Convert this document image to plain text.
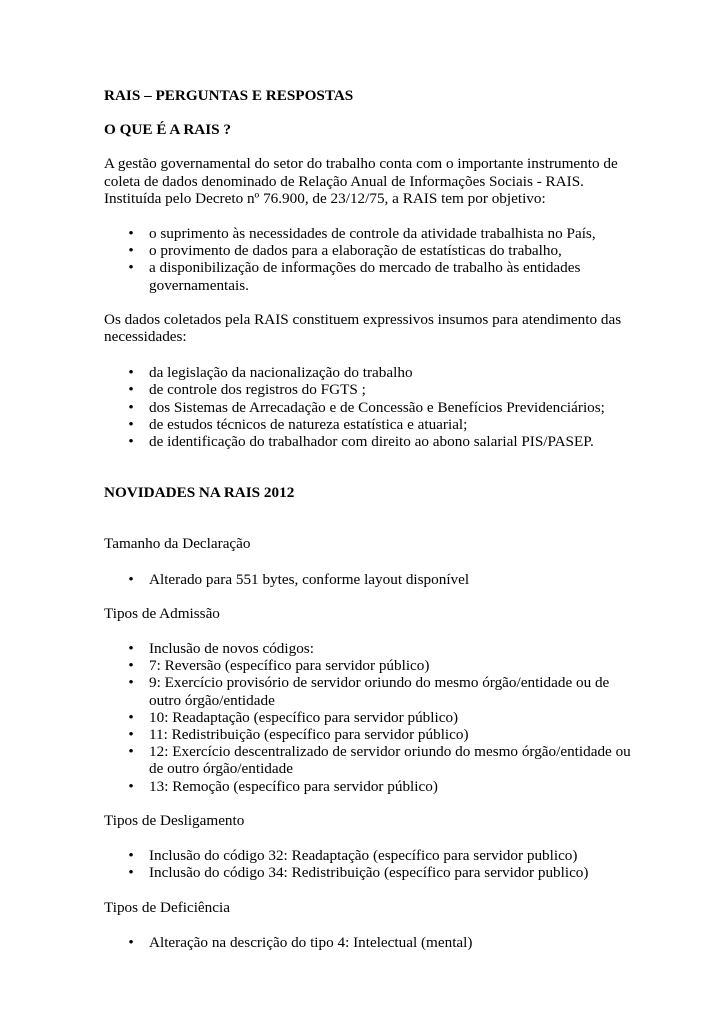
RAIS – PERGUNTAS E RESPOSTAS

O QUE É A RAIS ?

A gestão governamental do setor do trabalho conta com o importante instrumento de coleta de dados denominado de Relação Anual de Informações Sociais - RAIS. Instituída pelo Decreto nº 76.900, de 23/12/75, a RAIS tem por objetivo:

• o suprimento às necessidades de controle da atividade trabalhista no País,
• o provimento de dados para a elaboração de estatísticas do trabalho,
• a disponibilização de informações do mercado de trabalho às entidades governamentais.

Os dados coletados pela RAIS constituem expressivos insumos para atendimento das necessidades:

• da legislação da nacionalização do trabalho
• de controle dos registros do FGTS ;
• dos Sistemas de Arrecadação e de Concessão e Benefícios Previdenciários;
• de estudos técnicos de natureza estatística e atuarial;
• de identificação do trabalhador com direito ao abono salarial PIS/PASEP.

NOVIDADES NA RAIS 2012

Tamanho da Declaração

• Alterado para 551 bytes, conforme layout disponível

Tipos de Admissão

• Inclusão de novos códigos:
• 7: Reversão (específico para servidor público)
• 9: Exercício provisório de servidor oriundo do mesmo órgão/entidade ou de outro órgão/entidade
• 10: Readaptação (específico para servidor público)
• 11: Redistribuição (específico para servidor público)
• 12: Exercício descentralizado de servidor oriundo do mesmo órgão/entidade ou de outro órgão/entidade
• 13: Remoção (específico para servidor público)

Tipos de Desligamento

• Inclusão do código 32: Readaptação (específico para servidor publico)
• Inclusão do código 34: Redistribuição (específico para servidor publico)

Tipos de Deficiência

• Alteração na descrição do tipo 4: Intelectual (mental)
